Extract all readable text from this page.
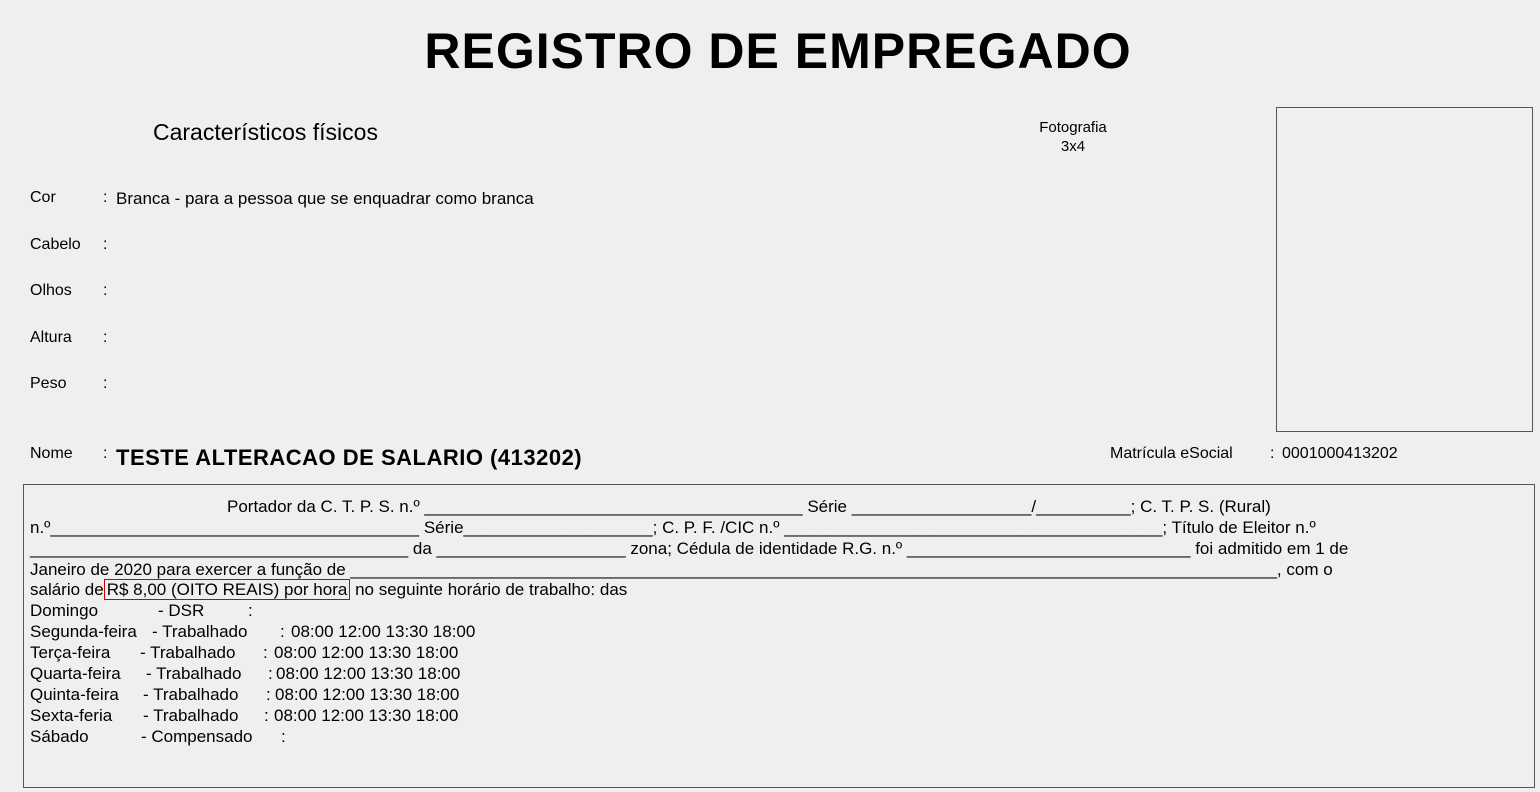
REGISTRO DE EMPREGADO
Característicos físicos	Fotografia
3x4
Cor	: Branca - para a pessoa que se enquadrar como branca
Cabelo :
Olhos :
Altura :
Peso :
Nome : TESTE ALTERACAO DE SALARIO (413202)	Matrícula eSocial : 0001000413202
Portador da C. T. P. S. n.º ________________________________________ Série ___________________/__________; C. T. P. S. (Rural)
n.º_______________________________________ Série____________________; C. P. F. /CIC n.º ________________________________________; Título de Eleitor n.º
________________________________________ da ____________________ zona; Cédula de identidade R.G. n.º ______________________________ foi admitido em 1 de
Janeiro de 2020 para exercer a função de __________________________________________________________________________________________________, com o
salário de R$ 8,00 (OITO REAIS) por hora no seguinte horário de trabalho: das
Domingo	- DSR	:
Segunda-feira - Trabalhado : 08:00 12:00 13:30 18:00
Terça-feira - Trabalhado : 08:00 12:00 13:30 18:00
Quarta-feira - Trabalhado : 08:00 12:00 13:30 18:00
Quinta-feira - Trabalhado : 08:00 12:00 13:30 18:00
Sexta-feria - Trabalhado : 08:00 12:00 13:30 18:00
Sábado	- Compensado :
